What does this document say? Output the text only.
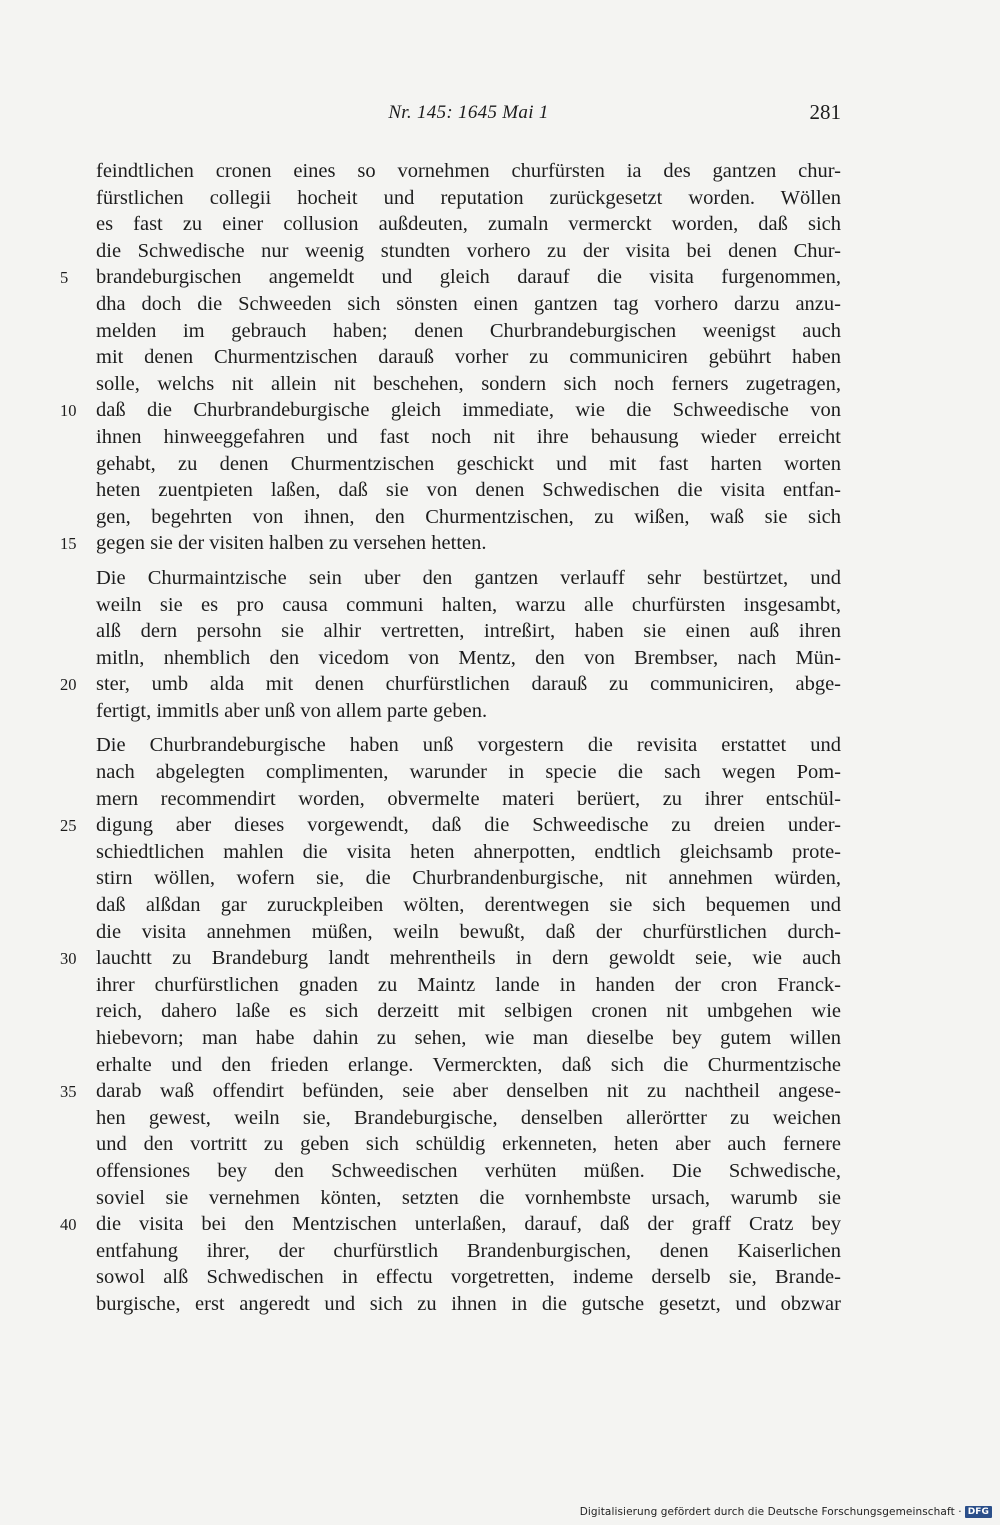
Nr. 145: 1645 Mai 1	281
feindtlichen cronen eines so vornehmen churfürsten ia des gantzen chur-
fürstlichen collegii hocheit und reputation zurückgesetzt worden. Wöllen
es fast zu einer collusion außdeuten, zumaln vermerckt worden, daß sich
die Schwedische nur weenig stundten vorhero zu der visita bei denen Chur-
5	brandeburgischen angemeldt und gleich darauf die visita furgenommen,
dha doch die Schweeden sich sönsten einen gantzen tag vorhero darzu anzu-
melden im gebrauch haben; denen Churbrandeburgischen weenigst auch
mit denen Churmentzischen darauß vorher zu communiciren gebührt haben
solle, welchs nit allein nit beschehen, sondern sich noch ferners zugetragen,
10 daß die Churbrandeburgische gleich immediate, wie die Schweedische von
ihnen hinweeggefahren und fast noch nit ihre behausung wieder erreicht
gehabt, zu denen Churmentzischen geschickt und mit fast harten worten
heten zuentpieten laßen, daß sie von denen Schwedischen die visita entfan-
gen, begehrten von ihnen, den Churmentzischen, zu wißen, waß sie sich
15 gegen sie der visiten halben zu versehen hetten.
Die Churmaintzische sein uber den gantzen verlauff sehr bestürtzet, und
weiln sie es pro causa communi halten, warzu alle churfürsten insgesambt,
alß dern persohn sie alhir vertretten, intreßirt, haben sie einen auß ihren
mitln, nhemblich den vicedom von Mentz, den von Brembser, nach Mün-
20 ster, umb alda mit denen churfürstlichen darauß zu communiciren, abge-
fertigt, immitls aber unß von allem parte geben.
Die Churbrandeburgische haben unß vorgestern die revisita erstattet und
nach abgelegten complimenten, warunder in specie die sach wegen Pom-
mern recommendirt worden, obvermelte materi berüert, zu ihrer entschül-
25 digung aber dieses vorgewendt, daß die Schweedische zu dreien under-
schiedtlichen mahlen die visita heten ahnerpotten, endtlich gleichsamb prote-
stirn wöllen, wofern sie, die Churbrandenburgische, nit annehmen würden,
daß alßdan gar zuruckpleiben wölten, derentwegen sie sich bequemen und
die visita annehmen müßen, weiln bewußt, daß der churfürstlichen durch-
30 lauchtt zu Brandeburg landt mehrentheils in dern gewoldt seie, wie auch
ihrer churfürstlichen gnaden zu Maintz lande in handen der cron Franck-
reich, dahero laße es sich derzeitt mit selbigen cronen nit umbgehen wie
hiebevorn; man habe dahin zu sehen, wie man dieselbe bey gutem willen
erhalte und den frieden erlange. Vermerckten, daß sich die Churmentzische
35 darab waß offendirt befünden, seie aber denselben nit zu nachtheil angese-
hen gewest, weiln sie, Brandeburgische, denselben allerörtter zu weichen
und den vortritt zu geben sich schüldig erkenneten, heten aber auch fernere
offensiones bey den Schweedischen verhüten müßen. Die Schwedische,
soviel sie vernehmen könten, setzten die vornhembste ursach, warumb sie
40 die visita bei den Mentzischen unterlaßen, darauf, daß der graff Cratz bey
entfahung ihrer, der churfürstlich Brandenburgischen, denen Kaiserlichen
sowol alß Schwedischen in effectu vorgetretten, indeme derselb sie, Brande-
burgische, erst angeredt und sich zu ihnen in die gutsche gesetzt, und obzwar
Digitalisierung gefördert durch die Deutsche Forschungsgemeinschaft · DFG
